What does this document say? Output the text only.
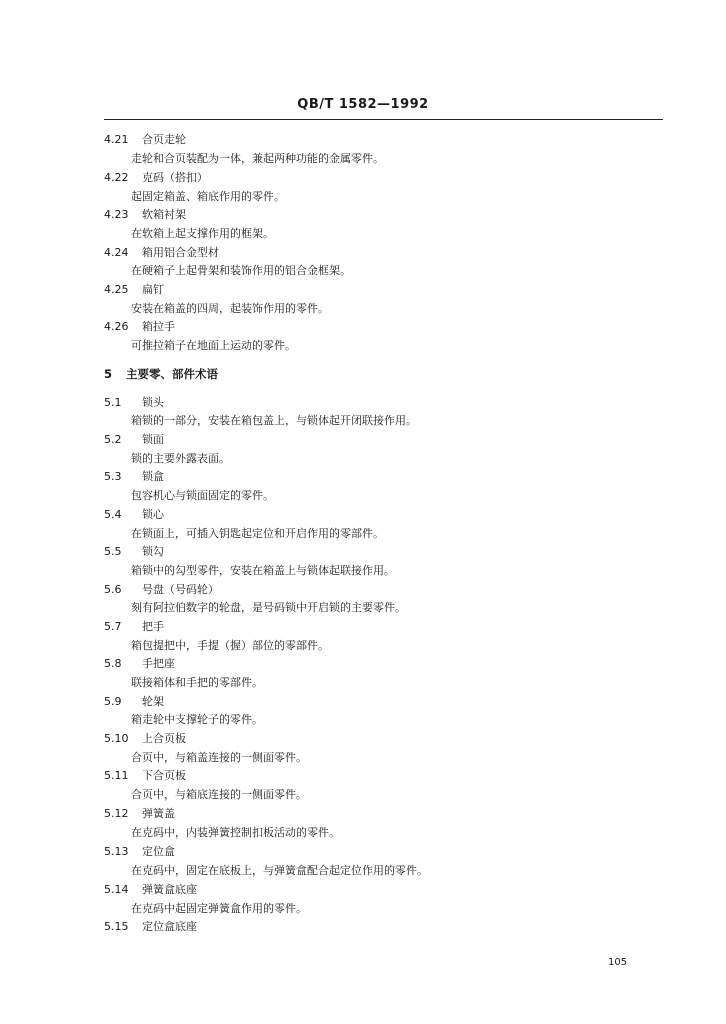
QB/T 1582—1992
4.21 合页走轮
走轮和合页装配为一体，兼起两种功能的金属零件。
4.22 克码（搭扣）
起固定箱盖、箱底作用的零件。
4.23 软箱衬架
在软箱上起支撑作用的框架。
4.24 箱用铝合金型材
在硬箱子上起骨架和装饰作用的铝合金框架。
4.25 扁钉
安装在箱盖的四周，起装饰作用的零件。
4.26 箱拉手
可推拉箱子在地面上运动的零件。
5 主要零、部件术语
5.1 锁头
箱锁的一部分，安装在箱包盖上，与锁体起开闭联接作用。
5.2 锁面
锁的主要外露表面。
5.3 锁盒
包容机心与锁面固定的零件。
5.4 锁心
在锁面上，可插入钥匙起定位和开启作用的零部件。
5.5 锁勾
箱锁中的勾型零件，安装在箱盖上与锁体起联接作用。
5.6 号盘（号码轮）
刻有阿拉伯数字的轮盘，是号码锁中开启锁的主要零件。
5.7 把手
箱包提把中，手提（握）部位的零部件。
5.8 手把座
联接箱体和手把的零部件。
5.9 轮架
箱走轮中支撑轮子的零件。
5.10 上合页板
合页中，与箱盖连接的一侧面零件。
5.11 下合页板
合页中，与箱底连接的一侧面零件。
5.12 弹簧盖
在克码中，内装弹簧控制扣板活动的零件。
5.13 定位盒
在克码中，固定在底板上，与弹簧盒配合起定位作用的零件。
5.14 弹簧盒底座
在克码中起固定弹簧盒作用的零件。
5.15 定位盒底座
105
